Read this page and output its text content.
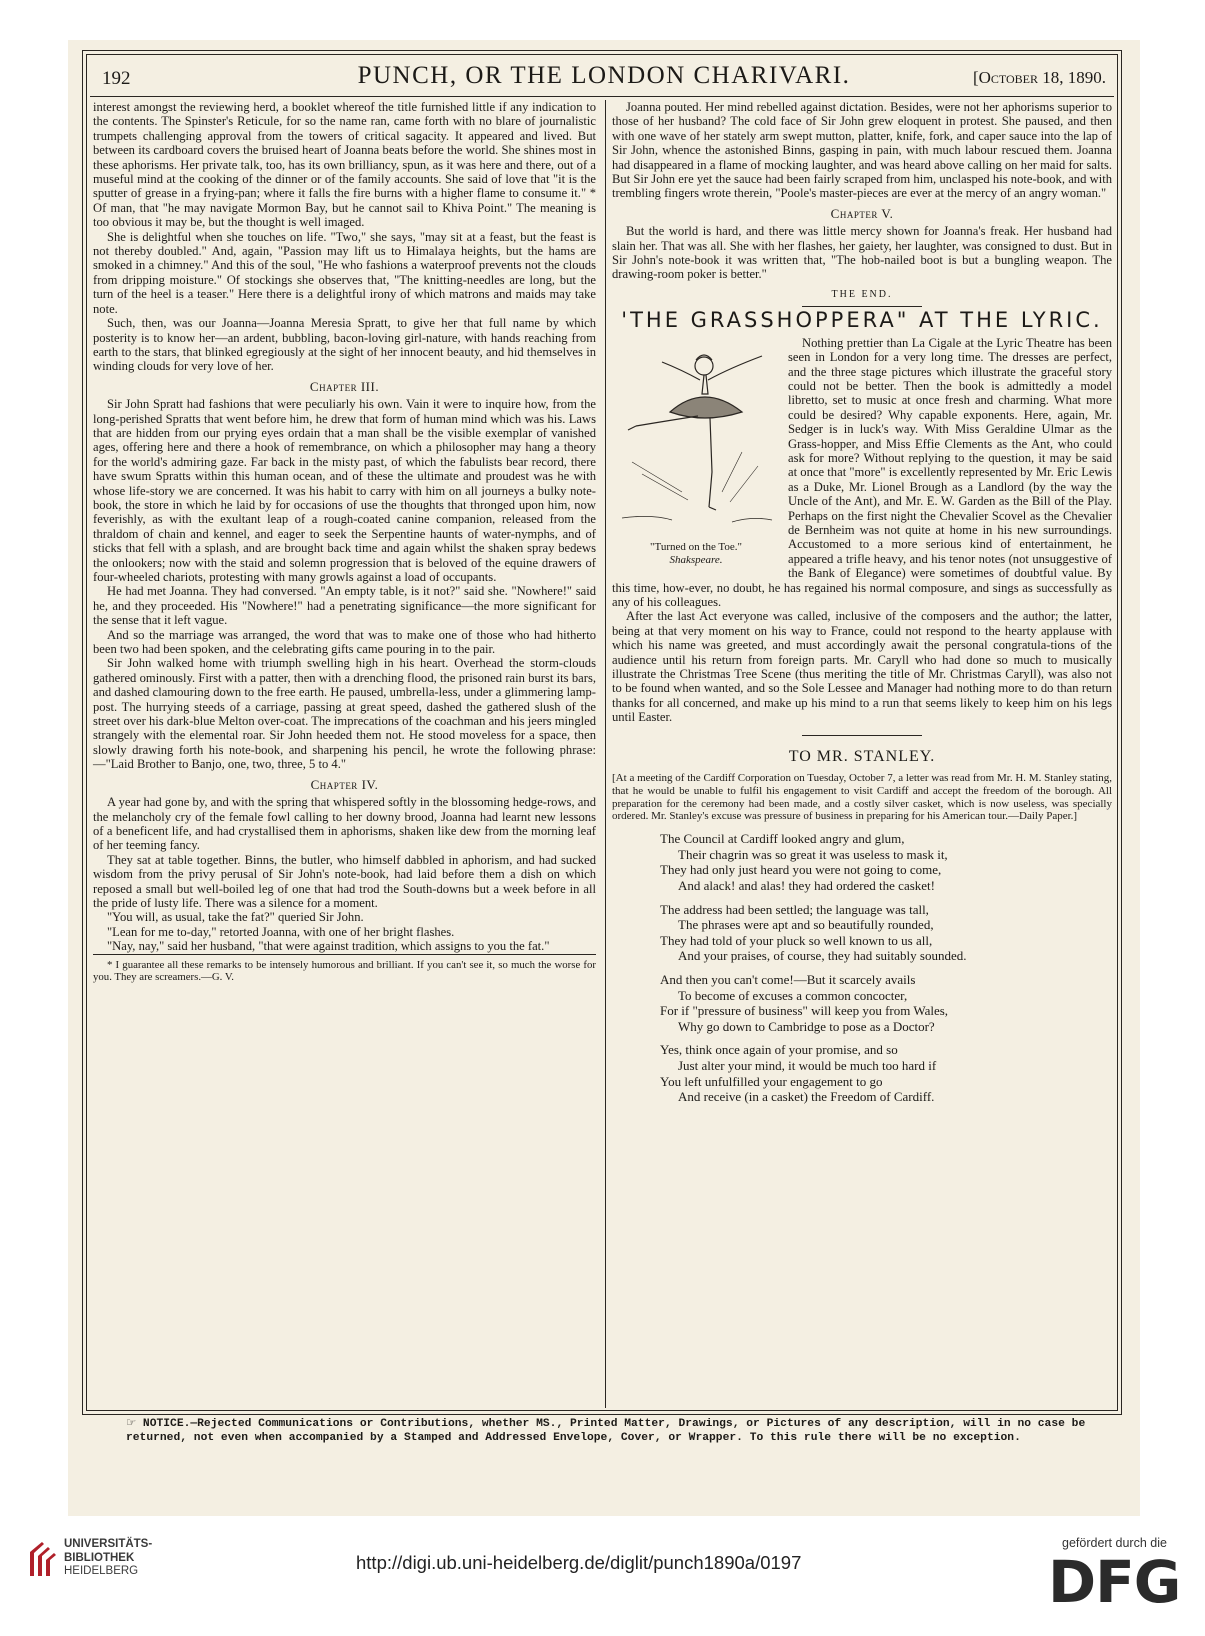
192	PUNCH, OR THE LONDON CHARIVARI.	[October 18, 1890.

interest amongst the reviewing herd, a booklet whereof the title furnished little if any indication to the contents. The Spinster's Reticule, for so the name ran, came forth with no blare of journalistic trumpets challenging approval from the towers of critical sagacity. It appeared and lived. But between its cardboard covers the bruised heart of Joanna beats before the world. She shines most in these aphorisms. Her private talk, too, has its own brilliancy, spun, as it was here and there, out of a museful mind at the cooking of the dinner or of the family accounts. She said of love that "it is the sputter of grease in a frying-pan; where it falls the fire burns with a higher flame to consume it." * Of man, that "he may navigate Mormon Bay, but he cannot sail to Khiva Point." The meaning is too obvious it may be, but the thought is well imaged.

She is delightful when she touches on life. "Two," she says, "may sit at a feast, but the feast is not thereby doubled." And, again, "Passion may lift us to Himalaya heights, but the hams are smoked in a chimney." And this of the soul, "He who fashions a waterproof prevents not the clouds from dripping moisture." Of stockings she observes that, "The knitting-needles are long, but the turn of the heel is a teaser." Here there is a delightful irony of which matrons and maids may take note.

Such, then, was our Joanna—Joanna Meresia Spratt, to give her that full name by which posterity is to know her—an ardent, bubbling, bacon-loving girl-nature, with hands reaching from earth to the stars, that blinked egregiously at the sight of her innocent beauty, and hid themselves in winding clouds for very love of her.

Chapter III.

Sir John Spratt had fashions that were peculiarly his own. Vain it were to inquire how, from the long-perished Spratts that went before him, he drew that form of human mind which was his. Laws that are hidden from our prying eyes ordain that a man shall be the visible exemplar of vanished ages, offering here and there a hook of remembrance, on which a philosopher may hang a theory for the world's admiring gaze. Far back in the misty past, of which the fabulists bear record, there have swum Spratts within this human ocean, and of these the ultimate and proudest was he with whose life-story we are concerned. It was his habit to carry with him on all journeys a bulky note-book, the store in which he laid by for occasions of use the thoughts that thronged upon him, now feverishly, as with the exultant leap of a rough-coated canine companion, released from the thraldom of chain and kennel, and eager to seek the Serpentine haunts of water-nymphs, and of sticks that fell with a splash, and are brought back time and again whilst the shaken spray bedews the onlookers; now with the staid and solemn progression that is beloved of the equine drawers of four-wheeled chariots, protesting with many growls against a load of occupants.

He had met Joanna. They had conversed. "An empty table, is it not?" said she. "Nowhere!" said he, and they proceeded. His "Nowhere!" had a penetrating significance—the more significant for the sense that it left vague.

And so the marriage was arranged, the word that was to make one of those who had hitherto been two had been spoken, and the celebrating gifts came pouring in to the pair.

Sir John walked home with triumph swelling high in his heart. Overhead the storm-clouds gathered ominously. First with a patter, then with a drenching flood, the prisoned rain burst its bars, and dashed clamouring down to the free earth. He paused, umbrella-less, under a glimmering lamp-post. The hurrying steeds of a carriage, passing at great speed, dashed the gathered slush of the street over his dark-blue Melton over-coat. The imprecations of the coachman and his jeers mingled strangely with the elemental roar. Sir John heeded them not. He stood moveless for a space, then slowly drawing forth his note-book, and sharpening his pencil, he wrote the following phrase:—"Laid Brother to Banjo, one, two, three, 5 to 4."

Chapter IV.

A year had gone by, and with the spring that whispered softly in the blossoming hedge-rows, and the melancholy cry of the female fowl calling to her downy brood, Joanna had learnt new lessons of a beneficent life, and had crystallised them in aphorisms, shaken like dew from the morning leaf of her teeming fancy.

They sat at table together. Binns, the butler, who himself dabbled in aphorism, and had sucked wisdom from the privy perusal of Sir John's note-book, had laid before them a dish on which reposed a small but well-boiled leg of one that had trod the South-downs but a week before in all the pride of lusty life. There was a silence for a moment.

"You will, as usual, take the fat?" queried Sir John.

"Lean for me to-day," retorted Joanna, with one of her bright flashes.

"Nay, nay," said her husband, "that were against tradition, which assigns to you the fat."

* I guarantee all these remarks to be intensely humorous and brilliant. If you can't see it, so much the worse for you. They are screamers.—G. V.

Joanna pouted. Her mind rebelled against dictation. Besides, were not her aphorisms superior to those of her husband? The cold face of Sir John grew eloquent in protest. She paused, and then with one wave of her stately arm swept mutton, platter, knife, fork, and caper sauce into the lap of Sir John, whence the astonished Binns, gasping in pain, with much labour rescued them. Joanna had disappeared in a flame of mocking laughter, and was heard above calling on her maid for salts. But Sir John ere yet the sauce had been fairly scraped from him, unclasped his note-book, and with trembling fingers wrote therein, "Poole's master-pieces are ever at the mercy of an angry woman."

Chapter V.

But the world is hard, and there was little mercy shown for Joanna's freak. Her husband had slain her. That was all. She with her flashes, her gaiety, her laughter, was consigned to dust. But in Sir John's note-book it was written that, "The hob-nailed boot is but a bungling weapon. The drawing-room poker is better."

THE END.
'THE GRASSHOPPERA" AT THE LYRIC.
"Turned on the Toe."
Shakspeare.

Nothing prettier than La Cigale at the Lyric Theatre has been seen in London for a very long time. The dresses are perfect, and the three stage pictures which illustrate the graceful story could not be better. Then the book is admittedly a model libretto, set to music at once fresh and charming. What more could be desired? Why capable exponents. Here, again, Mr. Sedger is in luck's way. With Miss Geraldine Ulmar as the Grass-hopper, and Miss Effie Clements as the Ant, who could ask for more? Without replying to the question, it may be said at once that "more" is excellently represented by Mr. Eric Lewis as a Duke, Mr. Lionel Brough as a Landlord (by the way the Uncle of the Ant), and Mr. E. W. Garden as the Bill of the Play. Perhaps on the first night the Chevalier Scovel as the Chevalier de Bernheim was not quite at home in his new surroundings. Accustomed to a more serious kind of entertainment, he appeared a trifle heavy, and his tenor notes (not unsuggestive of the Bank of Elegance) were sometimes of doubtful value. By this time, how-ever, no doubt, he has regained his normal composure, and sings as successfully as any of his colleagues.

After the last Act everyone was called, inclusive of the composers and the author; the latter, being at that very moment on his way to France, could not respond to the hearty applause with which his name was greeted, and must accordingly await the personal congratula-tions of the audience until his return from foreign parts. Mr. Caryll who had done so much to musically illustrate the Christmas Tree Scene (thus meriting the title of Mr. Christmas Caryll), was also not to be found when wanted, and so the Sole Lessee and Manager had nothing more to do than return thanks for all concerned, and make up his mind to a run that seems likely to keep him on his legs until Easter.

TO MR. STANLEY.

[At a meeting of the Cardiff Corporation on Tuesday, October 7, a letter was read from Mr. H. M. Stanley stating, that he would be unable to fulfil his engagement to visit Cardiff and accept the freedom of the borough. All preparation for the ceremony had been made, and a costly silver casket, which is now useless, was specially ordered. Mr. Stanley's excuse was pressure of business in preparing for his American tour.—Daily Paper.]

The Council at Cardiff looked angry and glum,
Their chagrin was so great it was useless to mask it,
They had only just heard you were not going to come,
And alack! and alas! they had ordered the casket!
The address had been settled; the language was tall,
The phrases were apt and so beautifully rounded,
They had told of your pluck so well known to us all,
And your praises, of course, they had suitably sounded.
And then you can't come!—But it scarcely avails
To become of excuses a common concocter,
For if "pressure of business" will keep you from Wales,
Why go down to Cambridge to pose as a Doctor?
Yes, think once again of your promise, and so
Just alter your mind, it would be much too hard if
You left unfulfilled your engagement to go
And receive (in a casket) the Freedom of Cardiff.
☞ NOTICE.—Rejected Communications or Contributions, whether MS., Printed Matter, Drawings, or Pictures of any description, will in no case be returned, not even when accompanied by a Stamped and Addressed Envelope, Cover, or Wrapper. To this rule there will be no exception.
UNIVERSITÄTS-
BIBLIOTHEK
HEIDELBERG	http://digi.ub.uni-heidelberg.de/diglit/punch1890a/0197
gefördert durch die
DFG
